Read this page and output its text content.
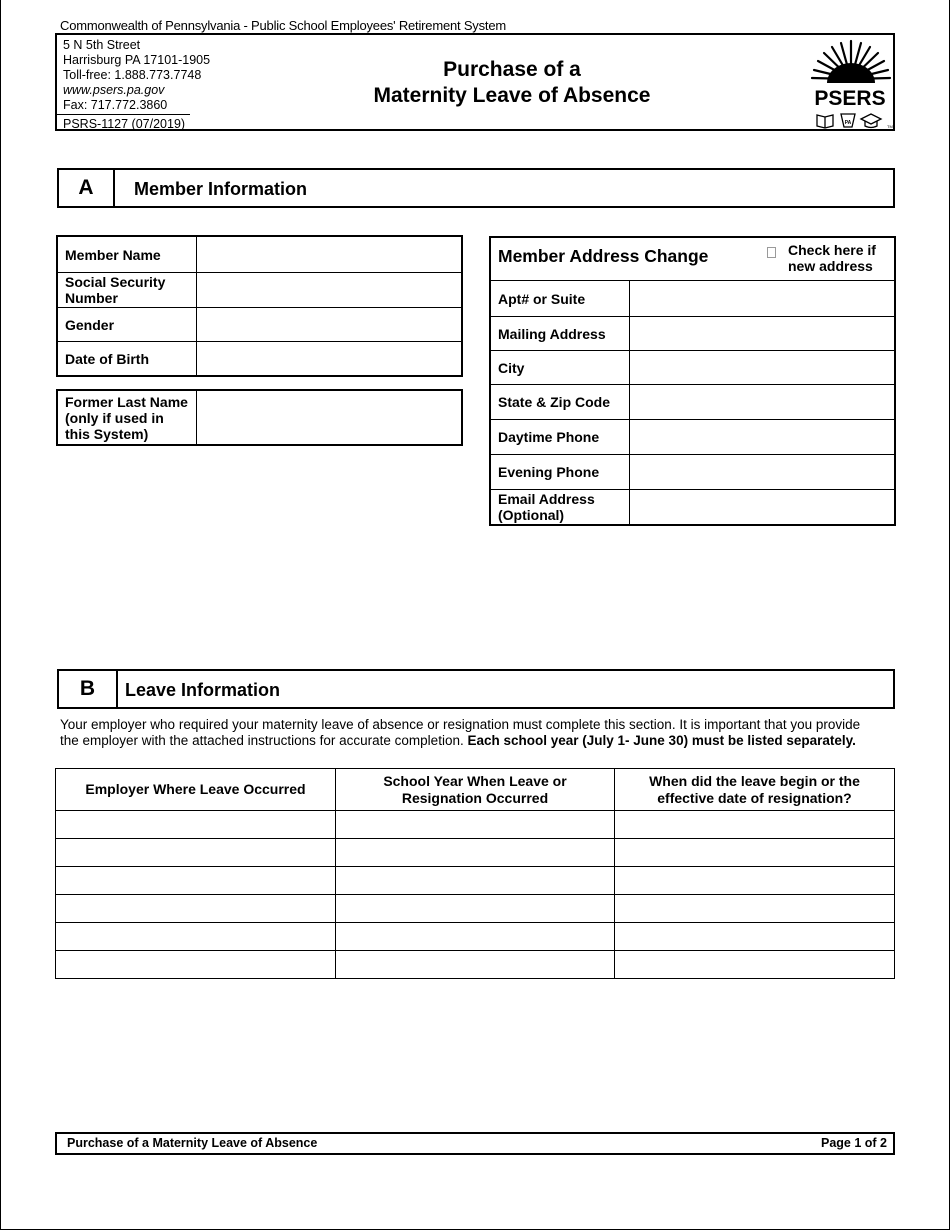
Commonwealth of Pennsylvania - Public School Employees' Retirement System
5 N 5th Street
Harrisburg PA 17101-1905
Toll-free: 1.888.773.7748
www.psers.pa.gov
Fax: 717.772.3860
PSRS-1127 (07/2019)
Purchase of a
Maternity Leave of Absence	PSERS
PA
TM
A	Member Information
Member Name	
Social Security Number	
Gender	
Date of Birth	
Former Last Name (only if used in this System)	
Member Address Change Check here if new address	

Apt# or Suite	
Mailing Address	
City	
State & Zip Code	
Daytime Phone	
Evening Phone	
Email Address (Optional)	
B	Leave Information
Your employer who required your maternity leave of absence or resignation must complete this section. It is important that you provide the employer with the attached instructions for accurate completion. Each school year (July 1- June 30) must be listed separately.
Employer Where Leave Occurred	School Year When Leave or Resignation Occurred	When did the leave begin or the effective date of resignation?

Purchase of a Maternity Leave of Absence	Page 1 of 2
